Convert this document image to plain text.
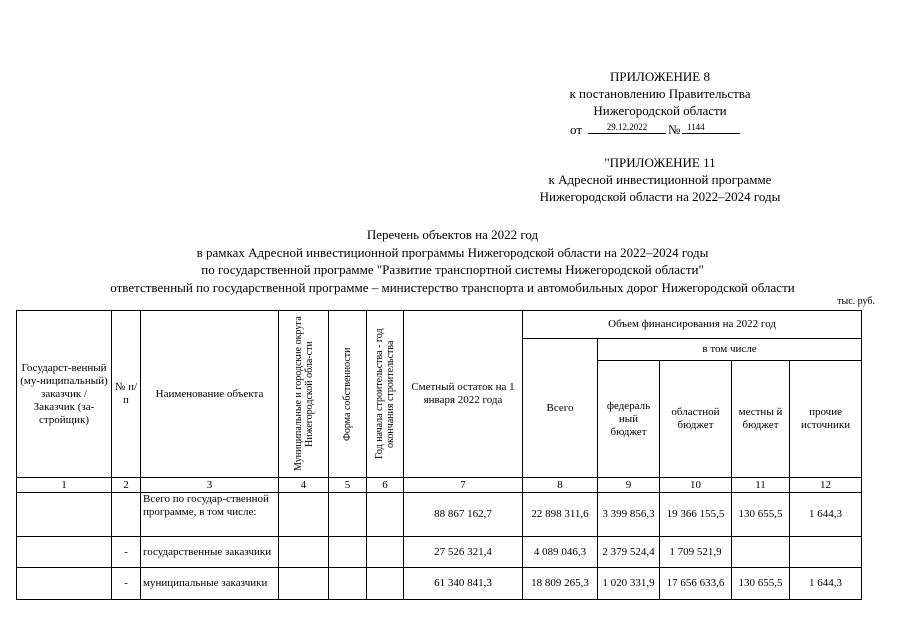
ПРИЛОЖЕНИЕ 8
к постановлению Правительства
Нижегородской области
от	29.12.2022	№ 1144
"ПРИЛОЖЕНИЕ 11
к Адресной инвестиционной программе
Нижегородской области на 2022–2024 годы
Перечень объектов на 2022 год
в рамках Адресной инвестиционной программы Нижегородской области на 2022–2024 годы
по государственной программе "Развитие транспортной системы Нижегородской области"
ответственный по государственной программе – министерство транспорта и автомобильных дорог Нижегородской области
тыс. руб.
Государст-венный (му-ниципальный) заказчик / Заказчик (за-стройщик)	№ п/п	Наименование объекта	Муниципальные и городские округа Нижегородской обла-сти	Форма собственности	Год начала строительства - год окончания строительства	Сметный остаток на 1 января 2022 года	Объем финансирования на 2022 год				
							Всего	в том числе			
								федераль ный бюджет	областной бюджет	местны й бюджет	прочие источники
1	2	3	4	5	6	7	8	9	10	11	12
		Всего по государ-ственной программе, в том числе:				88 867 162,7	22 898 311,6	3 399 856,3	19 366 155,5	130 655,5	1 644,3
	-	государственные заказчики				27 526 321,4	4 089 046,3	2 379 524,4	1 709 521,9		
	-	муниципальные заказчики				61 340 841,3	18 809 265,3	1 020 331,9	17 656 633,6	130 655,5	1 644,3
